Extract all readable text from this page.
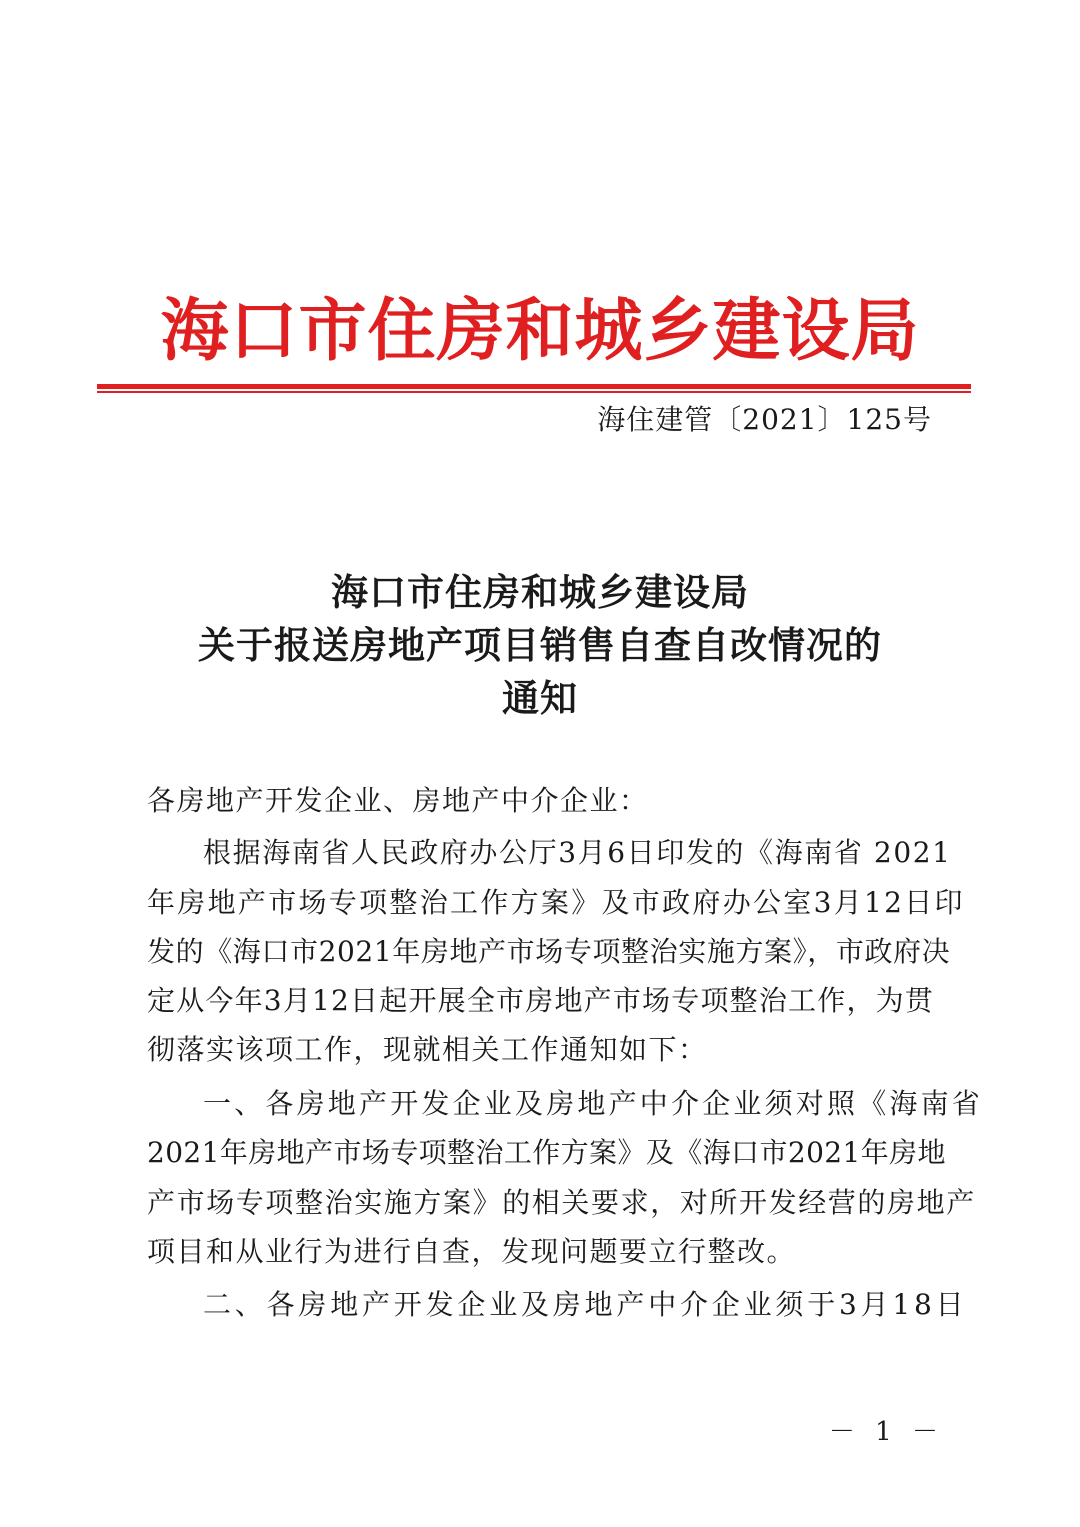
海口市住房和城乡建设局
海住建管〔2021〕125号
海口市住房和城乡建设局
关于报送房地产项目销售自查自改情况的
通知
各房地产开发企业、房地产中介企业：
根据海南省人民政府办公厅3月6日印发的《海南省 2021
年房地产市场专项整治工作方案》及市政府办公室3月12日印
发的《海口市2021年房地产市场专项整治实施方案》，市政府决
定从今年3月12日起开展全市房地产市场专项整治工作，为贯
彻落实该项工作，现就相关工作通知如下：
一、各房地产开发企业及房地产中介企业须对照《海南省
2021年房地产市场专项整治工作方案》及《海口市2021年房地
产市场专项整治实施方案》的相关要求，对所开发经营的房地产
项目和从业行为进行自查，发现问题要立行整改。
二、各房地产开发企业及房地产中介企业须于3月18日
－ 1 －
